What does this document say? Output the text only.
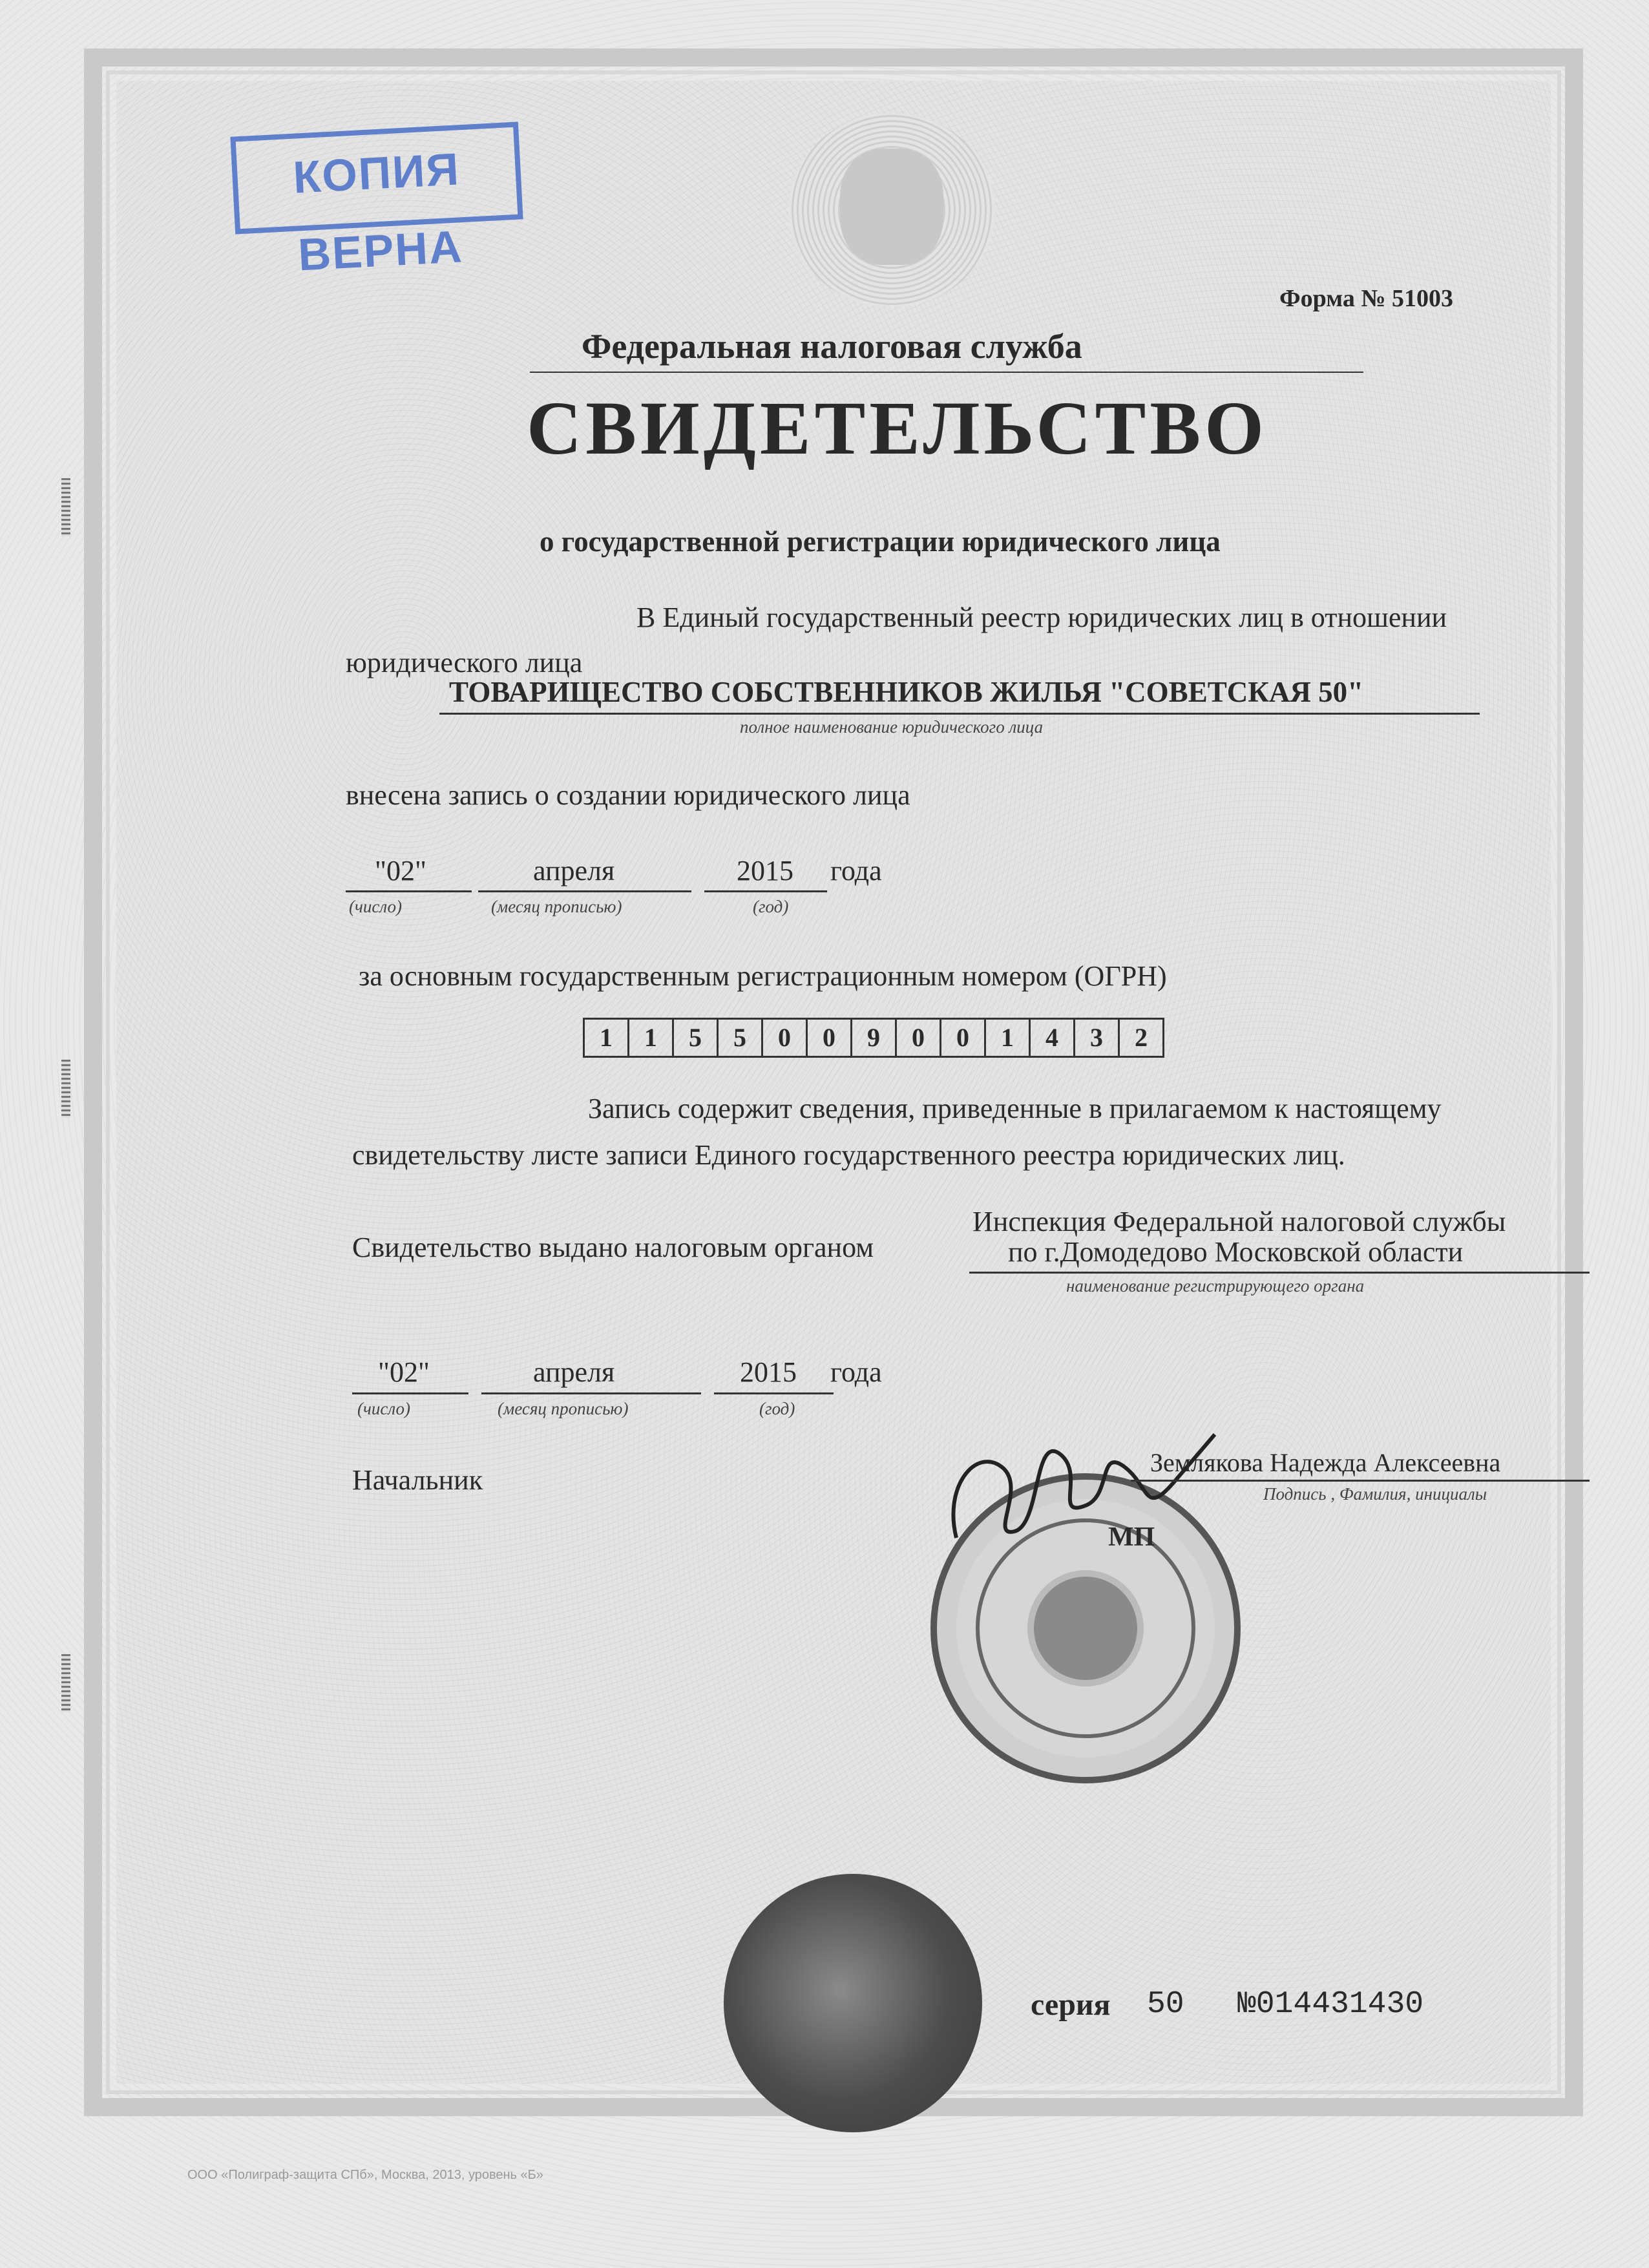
КОПИЯ ВЕРНА
Форма № 51003
Федеральная налоговая служба
СВИДЕТЕЛЬСТВО
о государственной регистрации юридического лица
В Единый государственный реестр юридических лиц в отношении
юридического лица
ТОВАРИЩЕСТВО СОБСТВЕННИКОВ ЖИЛЬЯ "СОВЕТСКАЯ 50"
полное наименование юридического лица
внесена запись о создании юридического лица
"02"	апреля	2015 года
(число)	(месяц прописью)	(год)
за основным государственным регистрационным номером (ОГРН)
1	1	5	5	0	0	9	0	0	1	4	3	2
Запись содержит сведения, приведенные в прилагаемом к настоящему
свидетельству листе записи Единого государственного реестра юридических лиц.
Свидетельство выдано налоговым органом
Инспекция Федеральной налоговой службы
по г.Домодедово Московской области
наименование регистрирующего органа
"02"	апреля	2015 года
(число)	(месяц прописью)	(год)
Начальник
Землякова Надежда Алексеевна
Подпись , Фамилия, инициалы
МП
серия 50 №014431430
ООО «Полиграф-защита СПб», Москва, 2013, уровень «Б»
